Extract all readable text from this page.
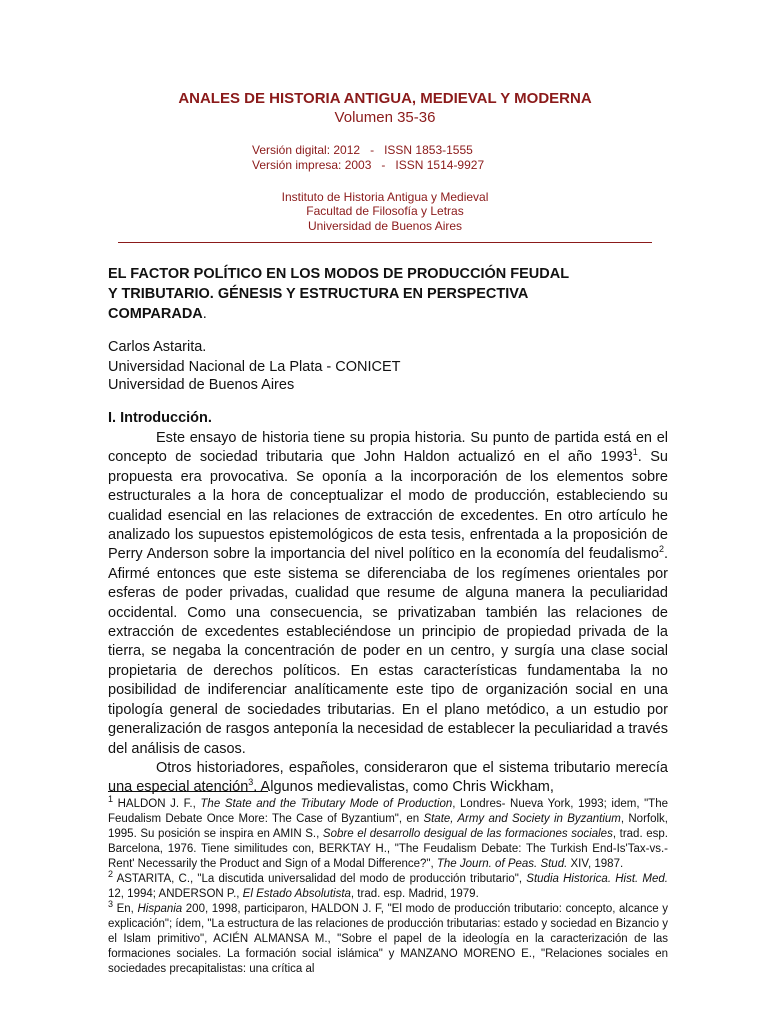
ANALES DE HISTORIA ANTIGUA, MEDIEVAL Y MODERNA
Volumen 35-36
Versión digital: 2012   -   ISSN 1853-1555
Versión impresa: 2003   -   ISSN 1514-9927
Instituto de Historia Antigua y Medieval
Facultad de Filosofía y Letras
Universidad de Buenos Aires
EL FACTOR POLÍTICO EN LOS MODOS DE PRODUCCIÓN FEUDAL
Y TRIBUTARIO. GÉNESIS Y ESTRUCTURA EN PERSPECTIVA
COMPARADA.
Carlos Astarita.
Universidad Nacional de La Plata - CONICET
Universidad de Buenos Aires
I. Introducción.

Este ensayo de historia tiene su propia historia. Su punto de partida está en el concepto de sociedad tributaria que John Haldon actualizó en el año 1993$^1$. Su propuesta era provocativa. Se oponía a la incorporación de los elementos sobre estructurales a la hora de conceptualizar el modo de producción, estableciendo su cualidad esencial en las relaciones de extracción de excedentes. En otro artículo he analizado los supuestos epistemológicos de esta tesis, enfrentada a la proposición de Perry Anderson sobre la importancia del nivel político en la economía del feudalismo$^2$. Afirmé entonces que este sistema se diferenciaba de los regímenes orientales por esferas de poder privadas, cualidad que resume de alguna manera la peculiaridad occidental. Como una consecuencia, se privatizaban también las relaciones de extracción de excedentes estableciéndose un principio de propiedad privada de la tierra, se negaba la concentración de poder en un centro, y surgía una clase social propietaria de derechos políticos. En estas características fundamentaba la no posibilidad de indiferenciar analíticamente este tipo de organización social en una tipología general de sociedades tributarias. En el plano metódico, a un estudio por generalización de rasgos anteponía la necesidad de establecer la peculiaridad a través del análisis de casos.

Otros historiadores, españoles, consideraron que el sistema tributario merecía una especial atención$^3$. Algunos medievalistas, como Chris Wickham,

$^1$ HALDON J. F., The State and the Tributary Mode of Production, Londres- Nueva York, 1993; idem, "The Feudalism Debate Once More: The Case of Byzantium", en State, Army and Society in Byzantium, Norfolk, 1995. Su posición se inspira en AMIN S., Sobre el desarrollo desigual de las formaciones sociales, trad. esp. Barcelona, 1976. Tiene similitudes con, BERKTAY H., "The Feudalism Debate: The Turkish End-Is'Tax-vs.-Rent' Necessarily the Product and Sign of a Modal Difference?", The Journ. of Peas. Stud. XIV, 1987.

$^2$ ASTARITA, C., "La discutida universalidad del modo de producción tributario", Studia Historica. Hist. Med. 12, 1994; ANDERSON P., El Estado Absolutista, trad. esp. Madrid, 1979.

$^3$ En, Hispania 200, 1998, participaron, HALDON J. F, "El modo de producción tributario: concepto, alcance y explicación"; ídem, "La estructura de las relaciones de producción tributarias: estado y sociedad en Bizancio y el Islam primitivo", ACIÉN ALMANSA M., "Sobre el papel de la ideología en la caracterización de las formaciones sociales. La formación social islámica" y MANZANO MORENO E., "Relaciones sociales en sociedades precapitalistas: una crítica al
